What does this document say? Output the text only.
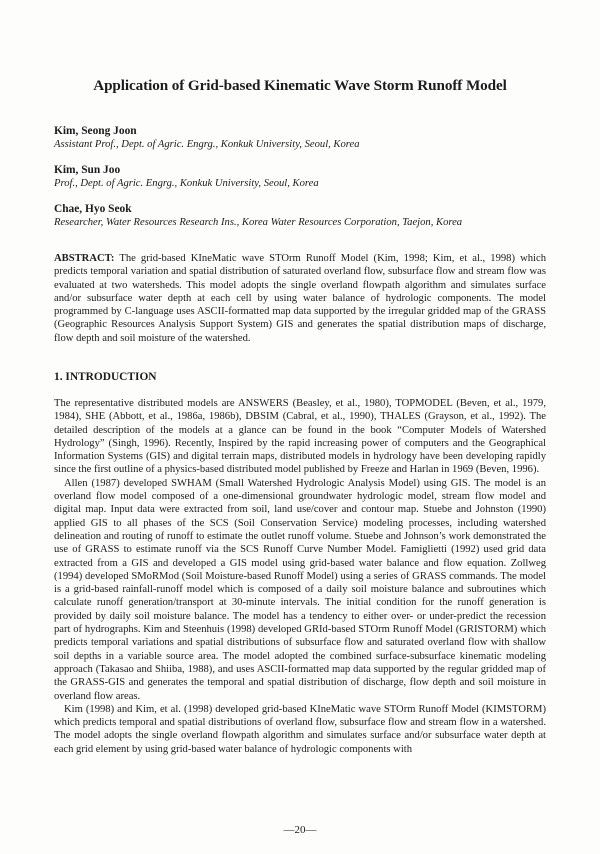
Application of Grid-based Kinematic Wave Storm Runoff Model
Kim, Seong Joon
Assistant Prof., Dept. of Agric. Engrg., Konkuk University, Seoul, Korea
Kim, Sun Joo
Prof., Dept. of Agric. Engrg., Konkuk University, Seoul, Korea
Chae, Hyo Seok
Researcher, Water Resources Research Ins., Korea Water Resources Corporation, Taejon, Korea
ABSTRACT: The grid-based KIneMatic wave STOrm Runoff Model (Kim, 1998; Kim, et al., 1998) which predicts temporal variation and spatial distribution of saturated overland flow, subsurface flow and stream flow was evaluated at two watersheds. This model adopts the single overland flowpath algorithm and simulates surface and/or subsurface water depth at each cell by using water balance of hydrologic components. The model programmed by C-language uses ASCII-formatted map data supported by the irregular gridded map of the GRASS (Geographic Resources Analysis Support System) GIS and generates the spatial distribution maps of discharge, flow depth and soil moisture of the watershed.
1. INTRODUCTION

The representative distributed models are ANSWERS (Beasley, et al., 1980), TOPMODEL (Beven, et al., 1979, 1984), SHE (Abbott, et al., 1986a, 1986b), DBSIM (Cabral, et al., 1990), THALES (Grayson, et al., 1992). The detailed description of the models at a glance can be found in the book “Computer Models of Watershed Hydrology” (Singh, 1996). Recently, Inspired by the rapid increasing power of computers and the Geographical Information Systems (GIS) and digital terrain maps, distributed models in hydrology have been developing rapidly since the first outline of a physics-based distributed model published by Freeze and Harlan in 1969 (Beven, 1996).

Allen (1987) developed SWHAM (Small Watershed Hydrologic Analysis Model) using GIS. The model is an overland flow model composed of a one-dimensional groundwater hydrologic model, stream flow model and digital map. Input data were extracted from soil, land use/cover and contour map. Stuebe and Johnston (1990) applied GIS to all phases of the SCS (Soil Conservation Service) modeling processes, including watershed delineation and routing of runoff to estimate the outlet runoff volume. Stuebe and Johnson’s work demonstrated the use of GRASS to estimate runoff via the SCS Runoff Curve Number Model. Famiglietti (1992) used grid data extracted from a GIS and developed a GIS model using grid-based water balance and flow equation. Zollweg (1994) developed SMoRMod (Soil Moisture-based Runoff Model) using a series of GRASS commands. The model is a grid-based rainfall-runoff model which is composed of a daily soil moisture balance and subroutines which calculate runoff generation/transport at 30-minute intervals. The initial condition for the runoff generation is provided by daily soil moisture balance. The model has a tendency to either over- or under-predict the recession part of hydrographs. Kim and Steenhuis (1998) developed GRId-based STOrm Runoff Model (GRISTORM) which predicts temporal variations and spatial distributions of subsurface flow and saturated overland flow with shallow soil depths in a variable source area. The model adopted the combined surface-subsurface kinematic modeling approach (Takasao and Shiiba, 1988), and uses ASCII-formatted map data supported by the regular gridded map of the GRASS-GIS and generates the temporal and spatial distribution of discharge, flow depth and soil moisture in overland flow areas.

Kim (1998) and Kim, et al. (1998) developed grid-based KIneMatic wave STOrm Runoff Model (KIMSTORM) which predicts temporal and spatial distributions of overland flow, subsurface flow and stream flow in a watershed. The model adopts the single overland flowpath algorithm and simulates surface and/or subsurface water depth at each grid element by using grid-based water balance of hydrologic components with

—20—
